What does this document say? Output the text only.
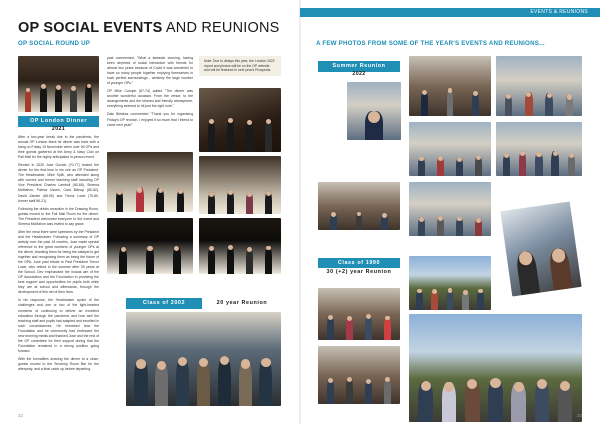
EVENTS & REUNIONS
OP SOCIAL EVENTS AND REUNIONS
OP SOCIAL ROUND UP
OP London Dinner
2021

After a two-year break due to the pandemic, the annual OP London black tie dinner was back with a bang on Friday 19 November when over 90 OPs and their guests gathered at the Army & Navy Club on Pall Mall for the highly anticipated in-person event.

Elected in 2020 Jose Gozalo (70-77) hosted the dinner for the first time in his role as OP President. The Headmaster, Mike Spilli, who attended along with current and former teaching staff including OP Vice President Charles Lamboll (80-88), Sheena McMahon, Patrick Ussen, Cara Bishop (80-82), David Zander (88-95) and Trevor Lowe (70-80, former staff 86-21).

Following the drinks reception in the Drawing Room, guests moved to the Fall Mall Room for the dinner. The President welcomed everyone to the event and Sheena McMahon was invited to say grace.

After the meal there were speeches by the President and the Headmaster. Following a summary of OP activity over the past 18 months, Jose made special reference to the great numbers of younger OPs at the dinner, thanking them for being the catalyst to get together and recognising them as being the future of the OPA. Jose paid tribute to Past President Trevor Lowe, who retired in the summer after 35 years at the School. Dev emphasised the mutual aim of the OP Association and the Foundation in providing the best support and opportunities for pupils both while they are at school and afterwards, through the development of this net of their lives.

In his response, the Headmaster spoke of the challenges and one or two of the light-hearted moments of continuing to deliver an excellent education through the pandemic and how well the teaching staff and pupils had adapted and excelled in such circumstances. He remarked how the Foundation and he community had embraced the new morning meals and thanked Jose and the rest of the OP committee for their support during that the Foundation remained in a strong position going forward.

With the formalities drawing the dinner to a close, guests moved to the Smoking Room Bar for the afterparty, and a final catch up before departing.

past commented, "What a fantastic evening, having been deprived of social interaction with friends for almost two years because of Covid it was wonderful to have so many people together enjoying themselves in such perfect surroundings - certainly the large number of younger OPs."

OP Mike Cumpin (67-74) added "The dinner was another wonderful occasion. From the venue, to the arrangements and the relaxed and friendly atmosphere, everything seemed to hit just the right note."

Dale Bleakes commented "Thank you for organising Friday's OP reunion. I enjoyed it so much that I intend to come next year!"

Note: Due to delays this year, the London 2022 report and photos will be on the OP website and will be featured in next year's Prospects.
Class of 2002	20 year Reunion
32
A FEW PHOTOS FROM SOME OF THE YEAR'S EVENTS AND REUNIONS...
Summer Reunion
2022
Class of 1990
30 (+2) year Reunion
33
